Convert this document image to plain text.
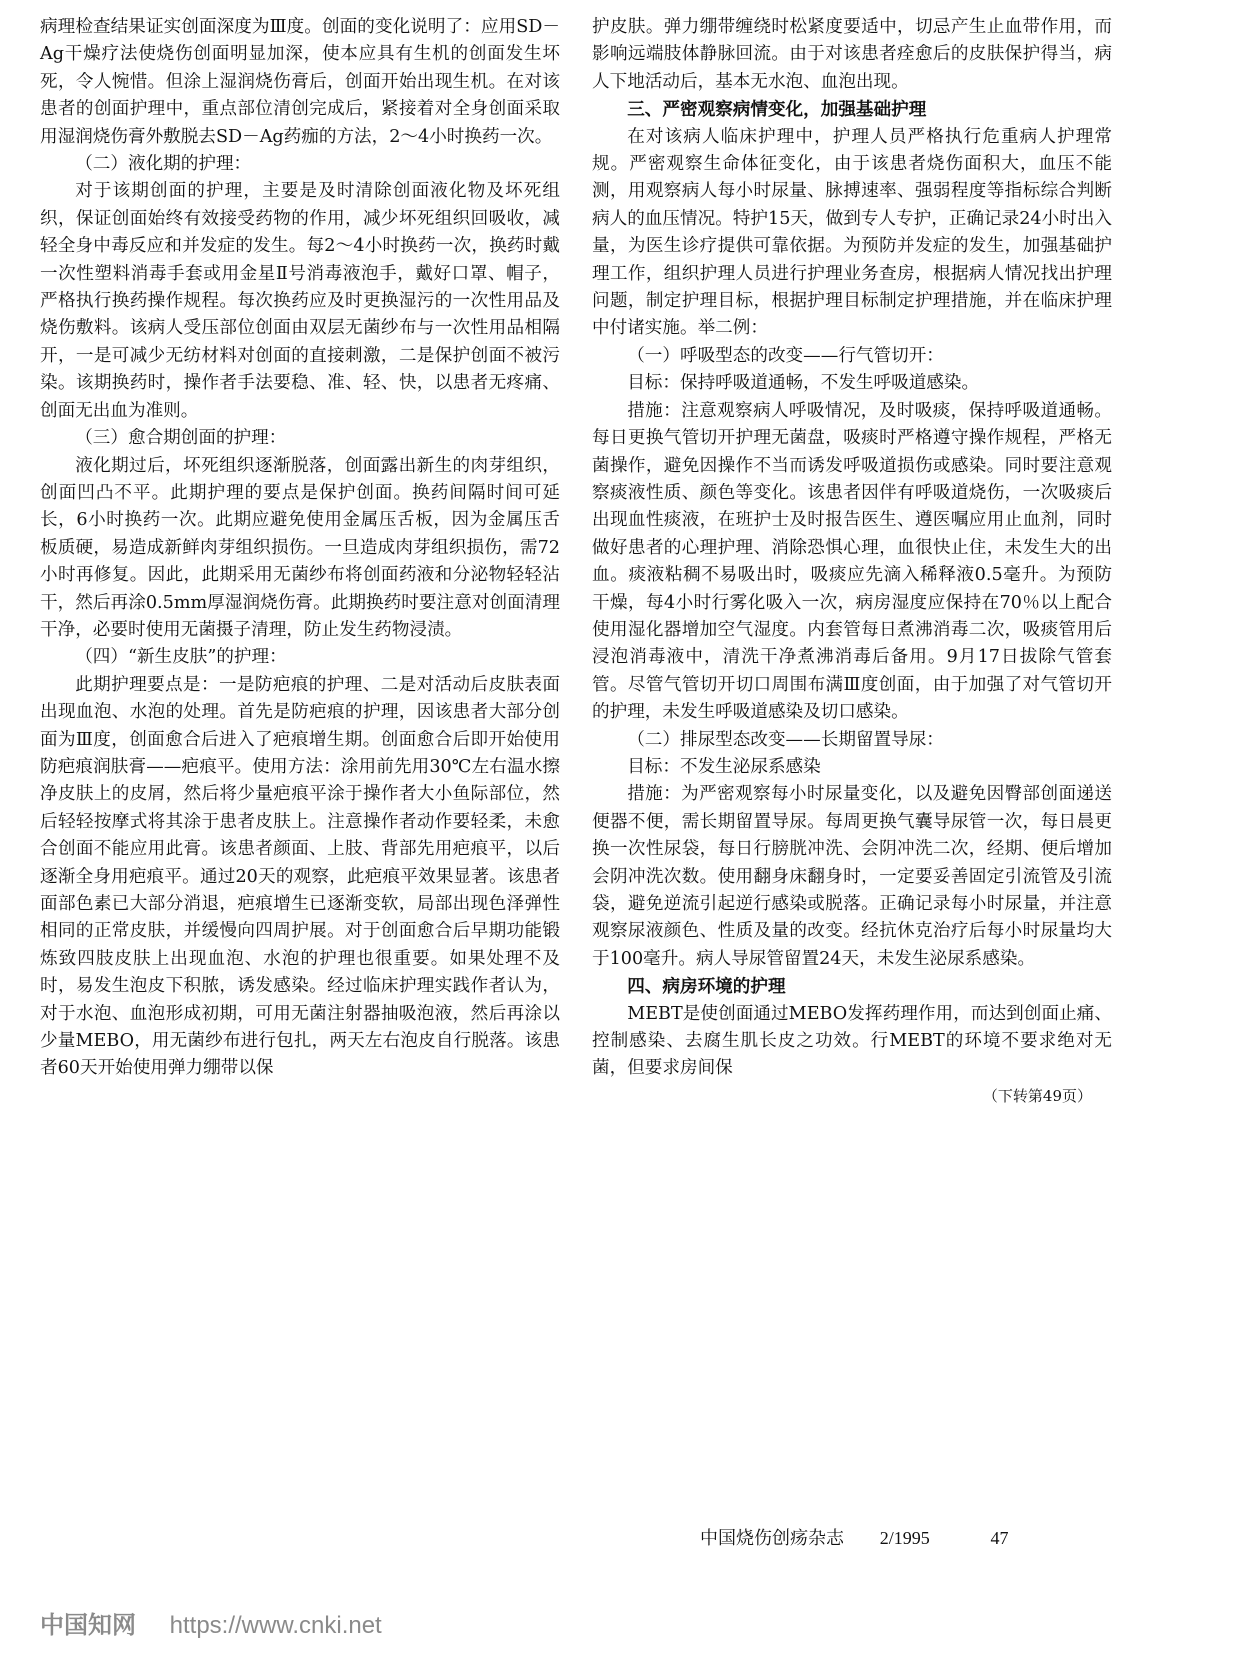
病理检查结果证实创面深度为Ⅲ度。创面的变化说明了：应用SD－Ag干燥疗法使烧伤创面明显加深，使本应具有生机的创面发生坏死，令人惋惜。但涂上湿润烧伤膏后，创面开始出现生机。在对该患者的创面护理中，重点部位清创完成后，紧接着对全身创面采取用湿润烧伤膏外敷脱去SD－Ag药痂的方法，2～4小时换药一次。

（二）液化期的护理：

对于该期创面的护理，主要是及时清除创面液化物及坏死组织，保证创面始终有效接受药物的作用，减少坏死组织回吸收，减轻全身中毒反应和并发症的发生。每2～4小时换药一次，换药时戴一次性塑料消毒手套或用金星Ⅱ号消毒液泡手，戴好口罩、帽子，严格执行换药操作规程。每次换药应及时更换湿污的一次性用品及烧伤敷料。该病人受压部位创面由双层无菌纱布与一次性用品相隔开，一是可减少无纺材料对创面的直接刺激，二是保护创面不被污染。该期换药时，操作者手法要稳、准、轻、快，以患者无疼痛、创面无出血为准则。

（三）愈合期创面的护理：

液化期过后，坏死组织逐渐脱落，创面露出新生的肉芽组织，创面凹凸不平。此期护理的要点是保护创面。换药间隔时间可延长，6小时换药一次。此期应避免使用金属压舌板，因为金属压舌板质硬，易造成新鲜肉芽组织损伤。一旦造成肉芽组织损伤，需72小时再修复。因此，此期采用无菌纱布将创面药液和分泌物轻轻沾干，然后再涂0.5mm厚湿润烧伤膏。此期换药时要注意对创面清理干净，必要时使用无菌摄子清理，防止发生药物浸渍。

（四）“新生皮肤”的护理：

此期护理要点是：一是防疤痕的护理、二是对活动后皮肤表面出现血泡、水泡的处理。首先是防疤痕的护理，因该患者大部分创面为Ⅲ度，创面愈合后进入了疤痕增生期。创面愈合后即开始使用防疤痕润肤膏——疤痕平。使用方法：涂用前先用30℃左右温水擦净皮肤上的皮屑，然后将少量疤痕平涂于操作者大小鱼际部位，然后轻轻按摩式将其涂于患者皮肤上。注意操作者动作要轻柔，未愈合创面不能应用此膏。该患者颜面、上肢、背部先用疤痕平，以后逐渐全身用疤痕平。通过20天的观察，此疤痕平效果显著。该患者面部色素已大部分消退，疤痕增生已逐渐变软，局部出现色泽弹性相同的正常皮肤，并缓慢向四周护展。对于创面愈合后早期功能锻炼致四肢皮肤上出现血泡、水泡的护理也很重要。如果处理不及时，易发生泡皮下积脓，诱发感染。经过临床护理实践作者认为，对于水泡、血泡形成初期，可用无菌注射器抽吸泡液，然后再涂以少量MEBO，用无菌纱布进行包扎，两天左右泡皮自行脱落。该患者60天开始使用弹力绷带以保

护皮肤。弹力绷带缠绕时松紧度要适中，切忌产生止血带作用，而影响远端肢体静脉回流。由于对该患者痊愈后的皮肤保护得当，病人下地活动后，基本无水泡、血泡出现。

三、严密观察病情变化，加强基础护理

在对该病人临床护理中，护理人员严格执行危重病人护理常规。严密观察生命体征变化，由于该患者烧伤面积大，血压不能测，用观察病人每小时尿量、脉搏速率、强弱程度等指标综合判断病人的血压情况。特护15天，做到专人专护，正确记录24小时出入量，为医生诊疗提供可靠依据。为预防并发症的发生，加强基础护理工作，组织护理人员进行护理业务查房，根据病人情况找出护理问题，制定护理目标，根据护理目标制定护理措施，并在临床护理中付诸实施。举二例：

（一）呼吸型态的改变——行气管切开：

目标：保持呼吸道通畅，不发生呼吸道感染。

措施：注意观察病人呼吸情况，及时吸痰，保持呼吸道通畅。每日更换气管切开护理无菌盘，吸痰时严格遵守操作规程，严格无菌操作，避免因操作不当而诱发呼吸道损伤或感染。同时要注意观察痰液性质、颜色等变化。该患者因伴有呼吸道烧伤，一次吸痰后出现血性痰液，在班护士及时报告医生、遵医嘱应用止血剂，同时做好患者的心理护理、消除恐惧心理，血很快止住，未发生大的出血。痰液粘稠不易吸出时，吸痰应先滴入稀释液0.5毫升。为预防干燥，每4小时行雾化吸入一次，病房湿度应保持在70％以上配合使用湿化器增加空气湿度。内套管每日煮沸消毒二次，吸痰管用后浸泡消毒液中，清洗干净煮沸消毒后备用。9月17日拔除气管套管。尽管气管切开切口周围布满Ⅲ度创面，由于加强了对气管切开的护理，未发生呼吸道感染及切口感染。

（二）排尿型态改变——长期留置导尿：

目标：不发生泌尿系感染

措施：为严密观察每小时尿量变化，以及避免因臀部创面递送便器不便，需长期留置导尿。每周更换气囊导尿管一次，每日晨更换一次性尿袋，每日行膀胱冲洗、会阴冲洗二次，经期、便后增加会阴冲洗次数。使用翻身床翻身时，一定要妥善固定引流管及引流袋，避免逆流引起逆行感染或脱落。正确记录每小时尿量，并注意观察尿液颜色、性质及量的改变。经抗休克治疗后每小时尿量均大于100毫升。病人导尿管留置24天，未发生泌尿系感染。

四、病房环境的护理

MEBT是使创面通过MEBO发挥药理作用，而达到创面止痛、控制感染、去腐生肌长皮之功效。行MEBT的环境不要求绝对无菌，但要求房间保

（下转第49页）

中国烧伤创疡杂志 2/1995	47
中国知网 https://www.cnki.net
